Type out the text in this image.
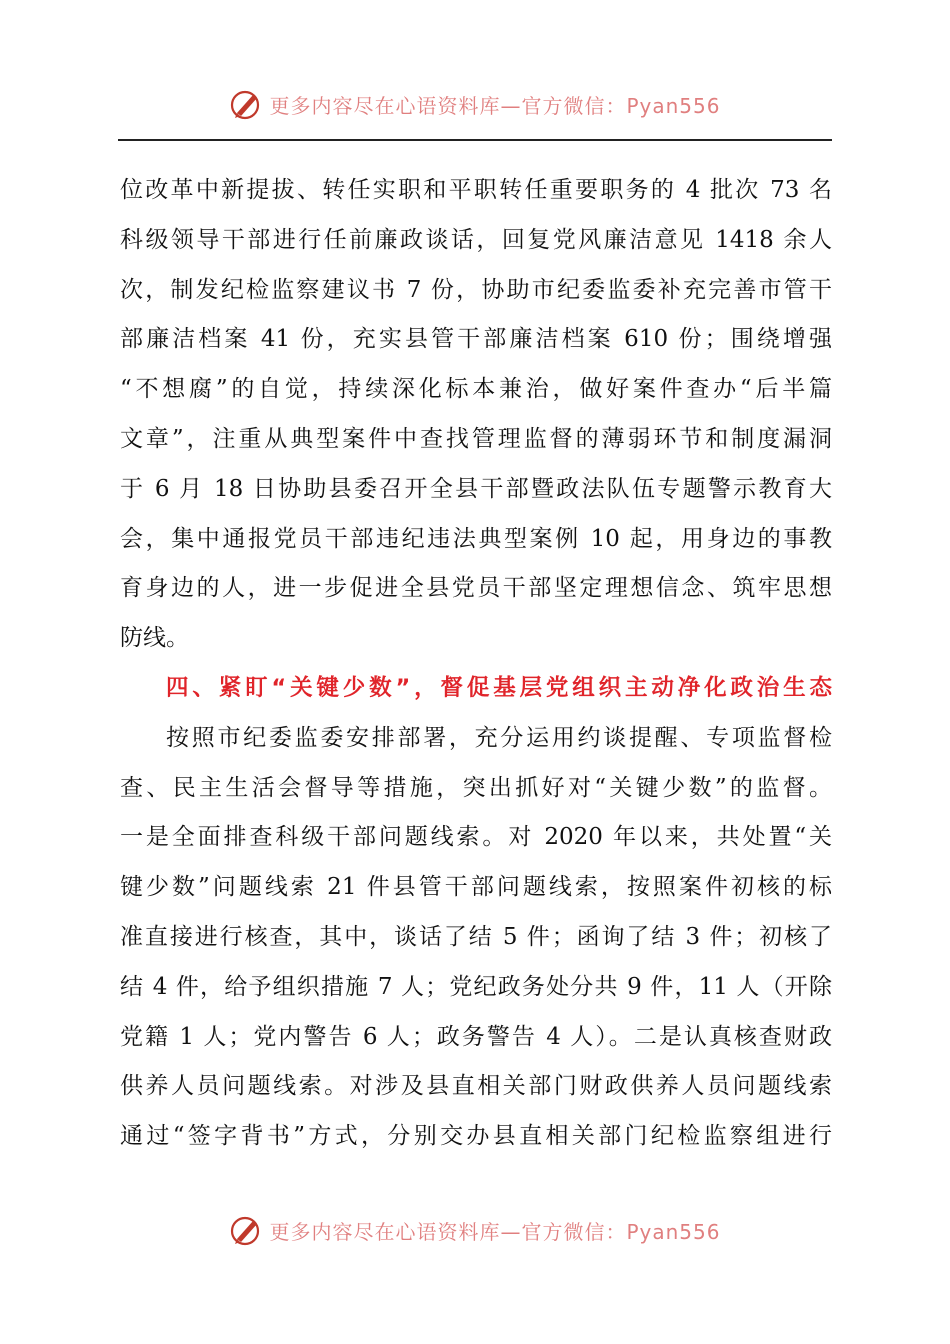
更多内容尽在心语资料库—官方微信：Pyan556
位改革中新提拔、转任实职和平职转任重要职务的 4 批次 73 名
科级领导干部进行任前廉政谈话，回复党风廉洁意见 1418 余人
次，制发纪检监察建议书 7 份，协助市纪委监委补充完善市管干
部廉洁档案 41 份，充实县管干部廉洁档案 610 份；围绕增强
“不想腐”的自觉，持续深化标本兼治，做好案件查办“后半篇
文章”，注重从典型案件中查找管理监督的薄弱环节和制度漏洞
于 6 月 18 日协助县委召开全县干部暨政法队伍专题警示教育大
会，集中通报党员干部违纪违法典型案例 10 起，用身边的事教
育身边的人，进一步促进全县党员干部坚定理想信念、筑牢思想
防线。
四、紧盯“关键少数”，督促基层党组织主动净化政治生态
按照市纪委监委安排部署，充分运用约谈提醒、专项监督检
查、民主生活会督导等措施，突出抓好对“关键少数”的监督。
一是全面排查科级干部问题线索。对 2020 年以来，共处置“关
键少数”问题线索 21 件县管干部问题线索，按照案件初核的标
准直接进行核查，其中，谈话了结 5 件；函询了结 3 件；初核了
结 4 件，给予组织措施 7 人；党纪政务处分共 9 件，11 人（开除
党籍 1 人；党内警告 6 人；政务警告 4 人）。二是认真核查财政
供养人员问题线索。对涉及县直相关部门财政供养人员问题线索
通过“签字背书”方式，分别交办县直相关部门纪检监察组进行
更多内容尽在心语资料库—官方微信：Pyan556
